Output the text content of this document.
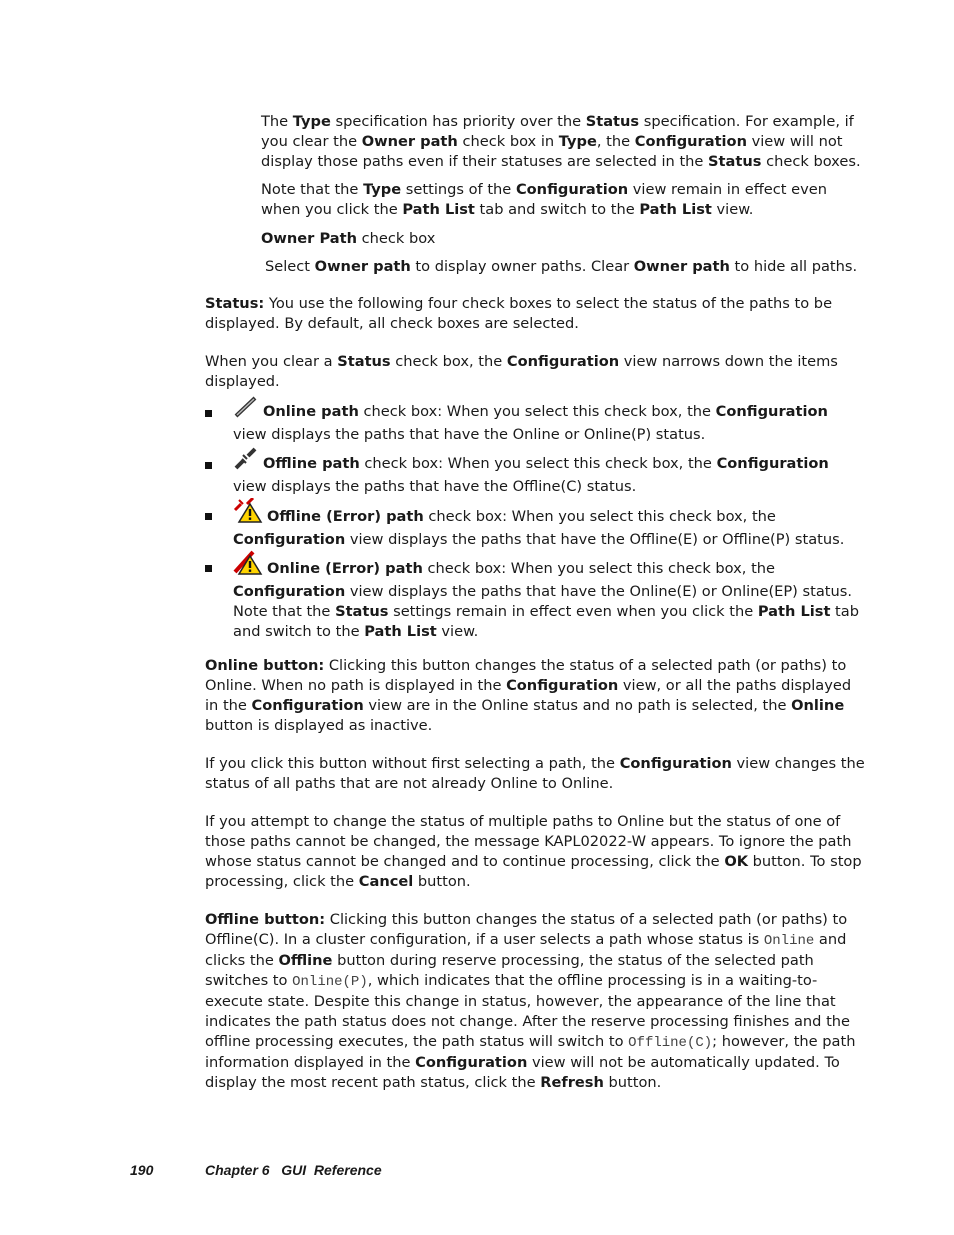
The Type specification has priority over the Status specification. For example, if you clear the Owner path check box in Type, the Configuration view will not display those paths even if their statuses are selected in the Status check boxes.

Note that the Type settings of the Configuration view remain in effect even when you click the Path List tab and switch to the Path List view.

Owner Path check box

Select Owner path to display owner paths. Clear Owner path to hide all paths.

Status: You use the following four check boxes to select the status of the paths to be displayed. By default, all check boxes are selected.

When you clear a Status check box, the Configuration view narrows down the items displayed.

Online path check box: When you select this check box, the Configuration view displays the paths that have the Online or Online(P) status.

Offline path check box: When you select this check box, the Configuration view displays the paths that have the Offline(C) status.

Offline (Error) path check box: When you select this check box, the Configuration view displays the paths that have the Offline(E) or Offline(P) status.

Online (Error) path check box: When you select this check box, the Configuration view displays the paths that have the Online(E) or Online(EP) status. Note that the Status settings remain in effect even when you click the Path List tab and switch to the Path List view.

Online button: Clicking this button changes the status of a selected path (or paths) to Online. When no path is displayed in the Configuration view, or all the paths displayed in the Configuration view are in the Online status and no path is selected, the Online button is displayed as inactive.

If you click this button without first selecting a path, the Configuration view changes the status of all paths that are not already Online to Online.

If you attempt to change the status of multiple paths to Online but the status of one of those paths cannot be changed, the message KAPL02022-W appears. To ignore the path whose status cannot be changed and to continue processing, click the OK button. To stop processing, click the Cancel button.

Offline button: Clicking this button changes the status of a selected path (or paths) to Offline(C). In a cluster configuration, if a user selects a path whose status is Online and clicks the Offline button during reserve processing, the status of the selected path switches to Online(P), which indicates that the offline processing is in a waiting-to-execute state. Despite this change in status, however, the appearance of the line that indicates the path status does not change. After the reserve processing finishes and the offline processing executes, the path status will switch to Offline(C); however, the path information displayed in the Configuration view will not be automatically updated. To display the most recent path status, click the Refresh button.

190	Chapter 6   GUI  Reference
